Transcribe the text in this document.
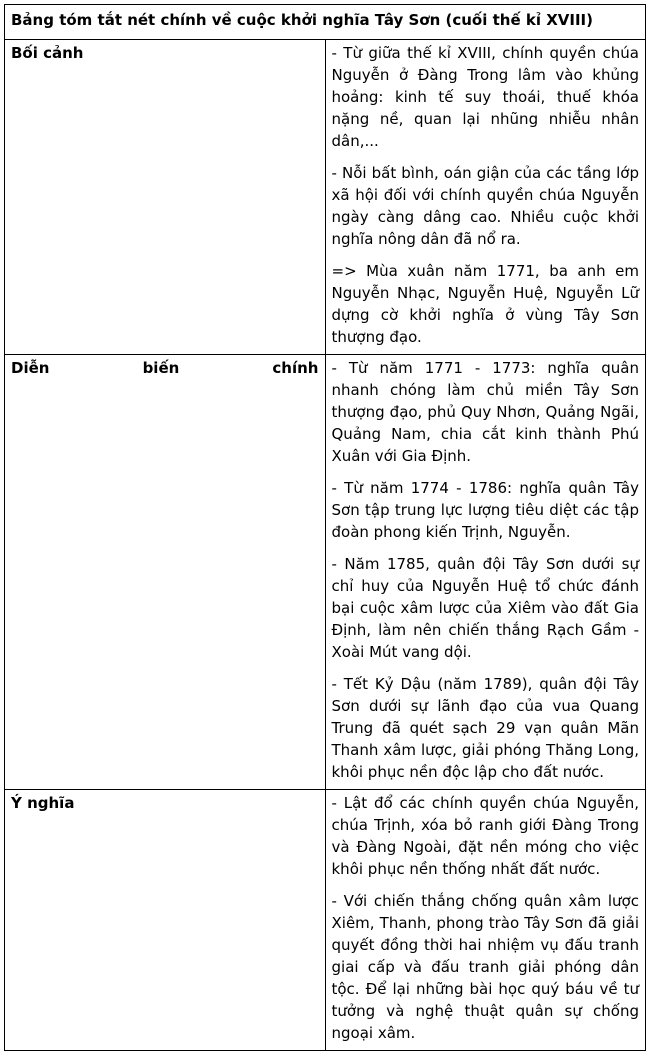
Bảng tóm tắt nét chính về cuộc khởi nghĩa Tây Sơn (cuối thế kỉ XVIII)	
Bối cảnh	- Từ giữa thế kỉ XVIII, chính quyền chúa Nguyễn ở Đàng Trong lâm vào khủng hoảng: kinh tế suy thoái, thuế khóa nặng nề, quan lại nhũng nhiễu nhân dân,...

- Nỗi bất bình, oán giận của các tầng lớp xã hội đối với chính quyền chúa Nguyễn ngày càng dâng cao. Nhiều cuộc khởi nghĩa nông dân đã nổ ra.

=> Mùa xuân năm 1771, ba anh em Nguyễn Nhạc, Nguyễn Huệ, Nguyễn Lữ dựng cờ khởi nghĩa ở vùng Tây Sơn thượng đạo.

Diễn biến chính	- Từ năm 1771 - 1773: nghĩa quân nhanh chóng làm chủ miền Tây Sơn thượng đạo, phủ Quy Nhơn, Quảng Ngãi, Quảng Nam, chia cắt kinh thành Phú Xuân với Gia Định.

- Từ năm 1774 - 1786: nghĩa quân Tây Sơn tập trung lực lượng tiêu diệt các tập đoàn phong kiến Trịnh, Nguyễn.

- Năm 1785, quân đội Tây Sơn dưới sự chỉ huy của Nguyễn Huệ tổ chức đánh bại cuộc xâm lược của Xiêm vào đất Gia Định, làm nên chiến thắng Rạch Gầm - Xoài Mút vang dội.

- Tết Kỷ Dậu (năm 1789), quân đội Tây Sơn dưới sự lãnh đạo của vua Quang Trung đã quét sạch 29 vạn quân Mãn Thanh xâm lược, giải phóng Thăng Long, khôi phục nền độc lập cho đất nước.

Ý nghĩa	- Lật đổ các chính quyền chúa Nguyễn, chúa Trịnh, xóa bỏ ranh giới Đàng Trong và Đàng Ngoài, đặt nền móng cho việc khôi phục nền thống nhất đất nước.

- Với chiến thắng chống quân xâm lược Xiêm, Thanh, phong trào Tây Sơn đã giải quyết đồng thời hai nhiệm vụ đấu tranh giai cấp và đấu tranh giải phóng dân tộc. Để lại những bài học quý báu về tư tưởng và nghệ thuật quân sự chống ngoại xâm.
